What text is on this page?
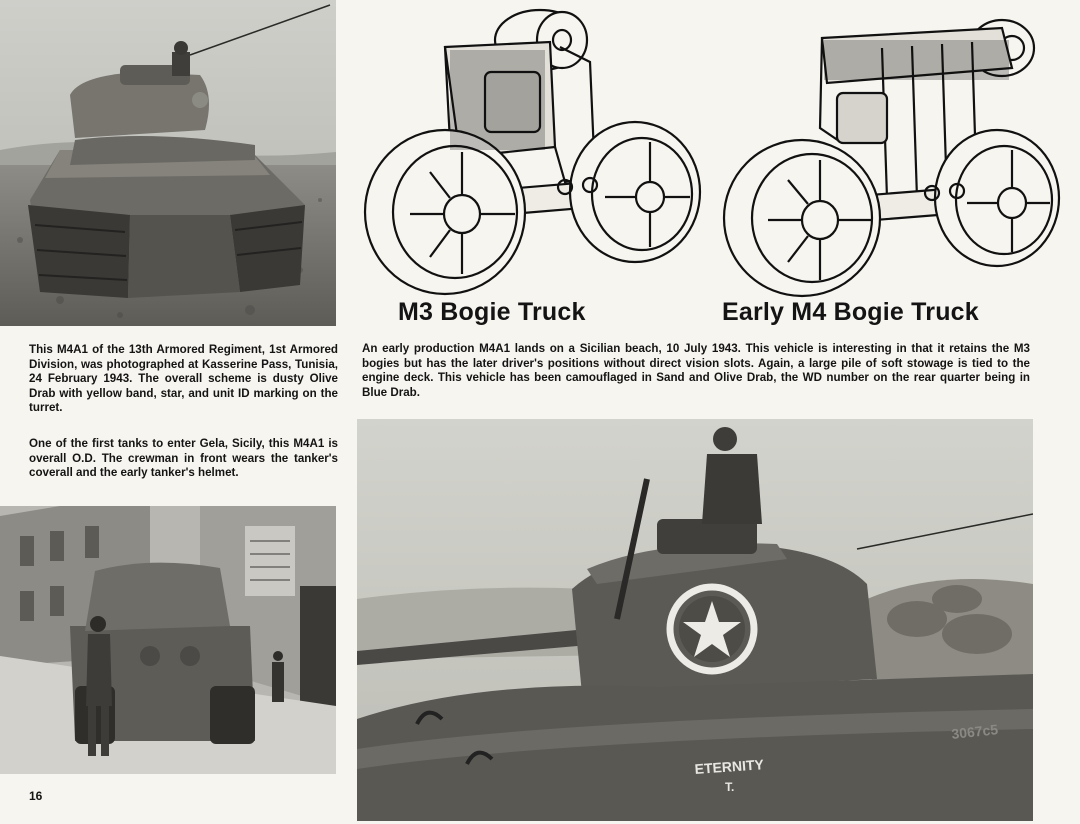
This M4A1 of the 13th Armored Regiment, 1st Armored Division, was photographed at Kasserine Pass, Tunisia, 24 February 1943. The overall scheme is dusty Olive Drab with yellow band, star, and unit ID marking on the turret.

One of the first tanks to enter Gela, Sicily, this M4A1 is overall O.D. The crewman in front wears the tanker's coverall and the early tanker's helmet.

16

M3 Bogie Truck	Early M4 Bogie Truck

An early production M4A1 lands on a Sicilian beach, 10 July 1943. This vehicle is interesting in that it retains the M3 bogies but has the later driver's positions without direct vision slots. Again, a large pile of soft stowage is tied to the engine deck. This vehicle has been camouflaged in Sand and Olive Drab, the WD number on the rear quarter being in Blue Drab.

ETERNITY
T.
3067c5
